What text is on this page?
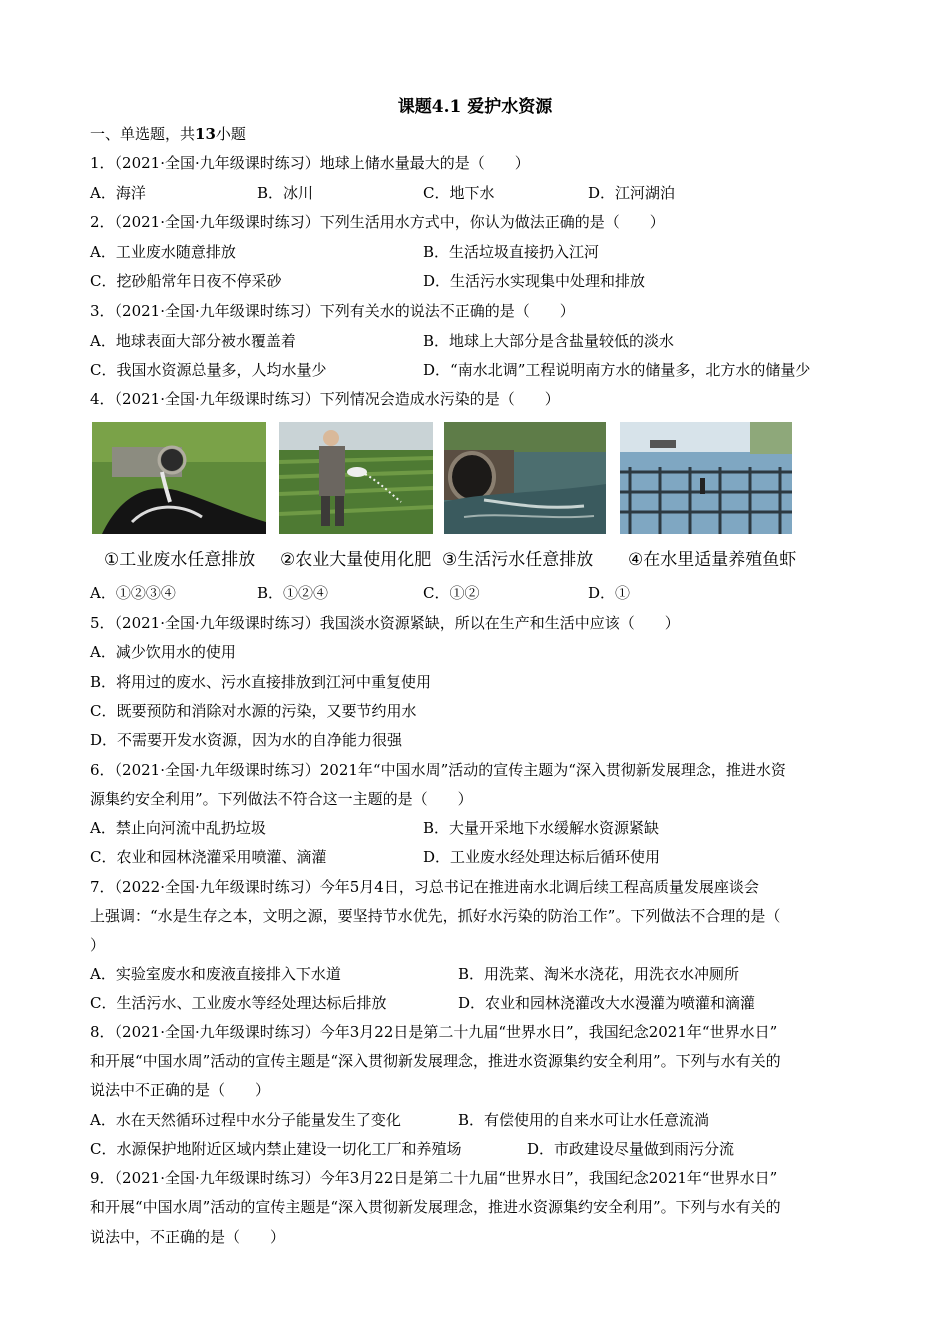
课题4.1 爱护水资源
一、单选题，共13小题
1．（2021·全国·九年级课时练习）地球上储水量最大的是（　　）
A．海洋	B．冰川	C．地下水	D．江河湖泊
2．（2021·全国·九年级课时练习）下列生活用水方式中，你认为做法正确的是（　　）
A．工业废水随意排放	B．生活垃圾直接扔入江河
C．挖砂船常年日夜不停采砂	D．生活污水实现集中处理和排放
3．（2021·全国·九年级课时练习）下列有关水的说法不正确的是（　　）
A．地球表面大部分被水覆盖着	B．地球上大部分是含盐量较低的淡水
C．我国水资源总量多，人均水量少	D．“南水北调”工程说明南方水的储量多，北方水的储量少
4．（2021·全国·九年级课时练习）下列情况会造成水污染的是（　　）
①工业废水任意排放 ②农业大量使用化肥 ③生活污水任意排放 ④在水里适量养殖鱼虾
A．①②③④	B．①②④	C．①②	D．①
5．（2021·全国·九年级课时练习）我国淡水资源紧缺，所以在生产和生活中应该（　　）
A．减少饮用水的使用
B．将用过的废水、污水直接排放到江河中重复使用
C．既要预防和消除对水源的污染，又要节约用水
D．不需要开发水资源，因为水的自净能力很强
6．（2021·全国·九年级课时练习）2021年“中国水周”活动的宣传主题为“深入贯彻新发展理念，推进水资
源集约安全利用”。下列做法不符合这一主题的是（　　）
A．禁止向河流中乱扔垃圾	B．大量开采地下水缓解水资源紧缺
C．农业和园林浇灌采用喷灌、滴灌	D．工业废水经处理达标后循环使用
7．（2022·全国·九年级课时练习）今年5月4日，习总书记在推进南水北调后续工程高质量发展座谈会
上强调：“水是生存之本，文明之源，要坚持节水优先，抓好水污染的防治工作”。下列做法不合理的是（
）
A．实验室废水和废液直接排入下水道	B．用洗菜、淘米水浇花，用洗衣水冲厕所
C．生活污水、工业废水等经处理达标后排放	D．农业和园林浇灌改大水漫灌为喷灌和滴灌
8．（2021·全国·九年级课时练习）今年3月22日是第二十九届“世界水日”，我国纪念2021年“世界水日”
和开展“中国水周”活动的宣传主题是“深入贯彻新发展理念，推进水资源集约安全利用”。下列与水有关的
说法中不正确的是（　　）
A．水在天然循环过程中水分子能量发生了变化	B．有偿使用的自来水可让水任意流淌
C．水源保护地附近区域内禁止建设一切化工厂和养殖场	D．市政建设尽量做到雨污分流
9．（2021·全国·九年级课时练习）今年3月22日是第二十九届“世界水日”，我国纪念2021年“世界水日”
和开展“中国水周”活动的宣传主题是“深入贯彻新发展理念，推进水资源集约安全利用”。下列与水有关的
说法中，不正确的是（　　）
